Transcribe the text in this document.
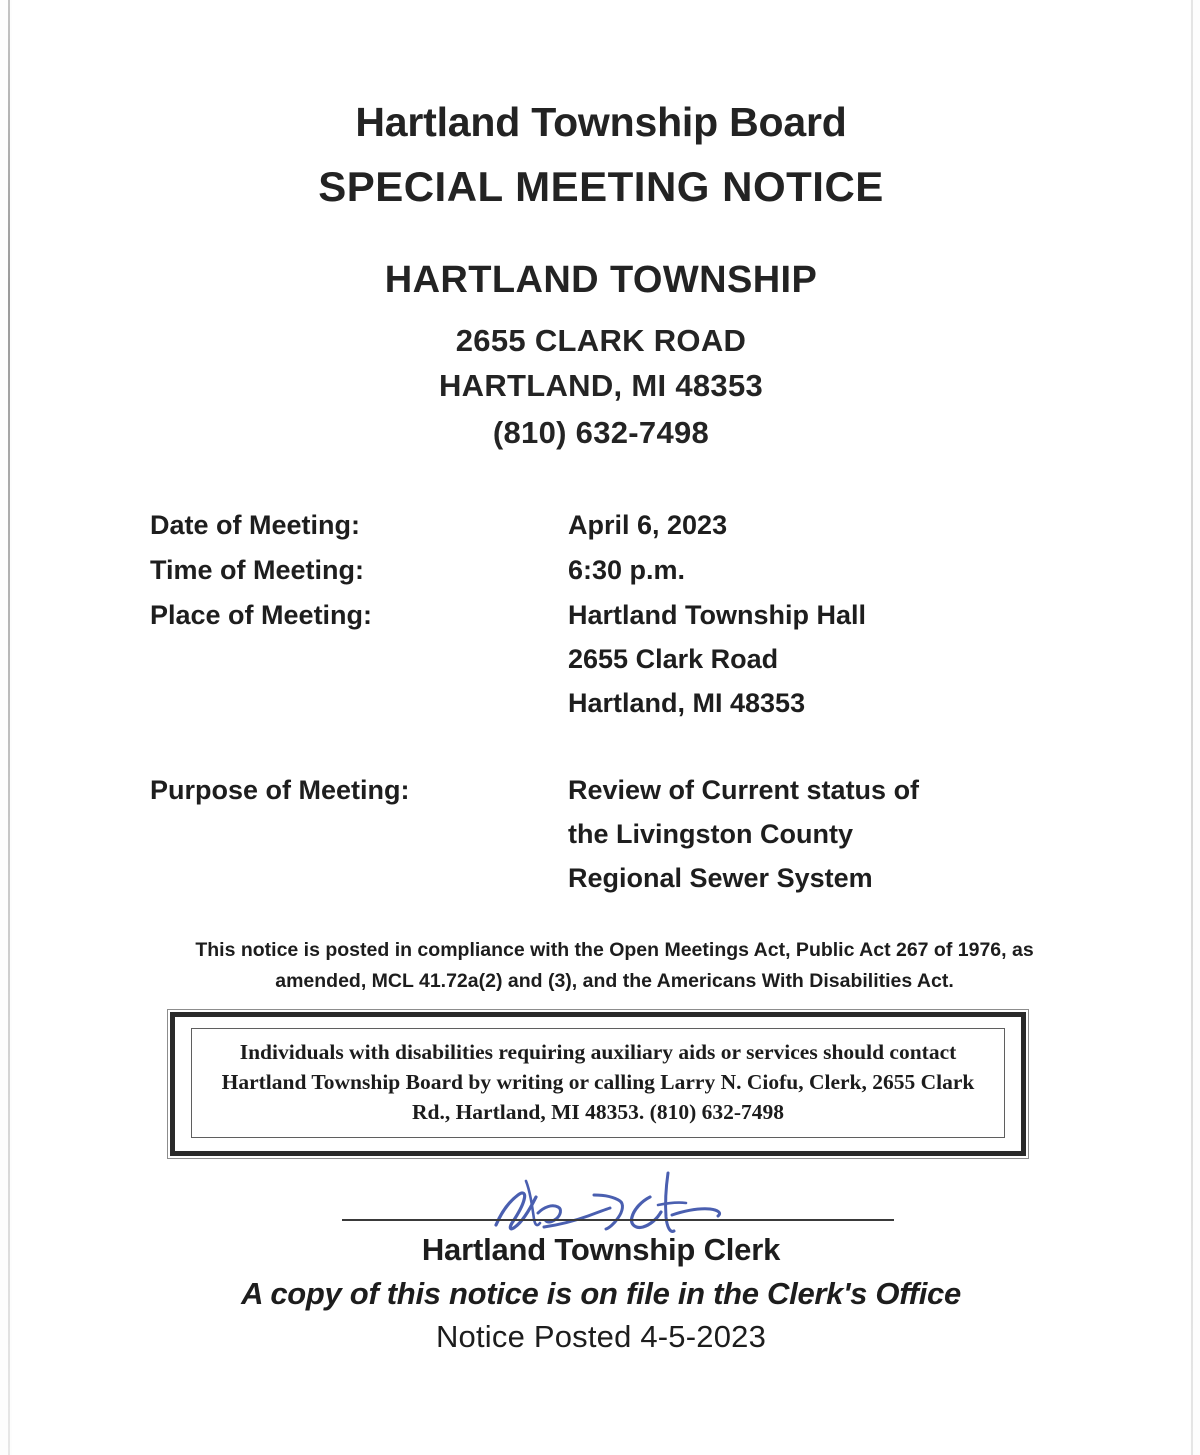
Hartland Township Board
SPECIAL MEETING NOTICE
HARTLAND TOWNSHIP
2655 CLARK ROAD
HARTLAND, MI 48353
(810) 632-7498
Date of Meeting:	April 6, 2023
Time of Meeting:	6:30 p.m.
Place of Meeting:	Hartland Township Hall
2655 Clark Road
Hartland, MI 48353
Purpose of Meeting:	Review of Current status of
the Livingston County
Regional Sewer System
This notice is posted in compliance with the Open Meetings Act, Public Act 267 of 1976, as amended, MCL 41.72a(2) and (3), and the Americans With Disabilities Act.
Individuals with disabilities requiring auxiliary aids or services should contact Hartland Township Board by writing or calling Larry N. Ciofu, Clerk, 2655 Clark Rd., Hartland, MI 48353. (810) 632-7498
Hartland Township Clerk
A copy of this notice is on file in the Clerk's Office
Notice Posted 4-5-2023
